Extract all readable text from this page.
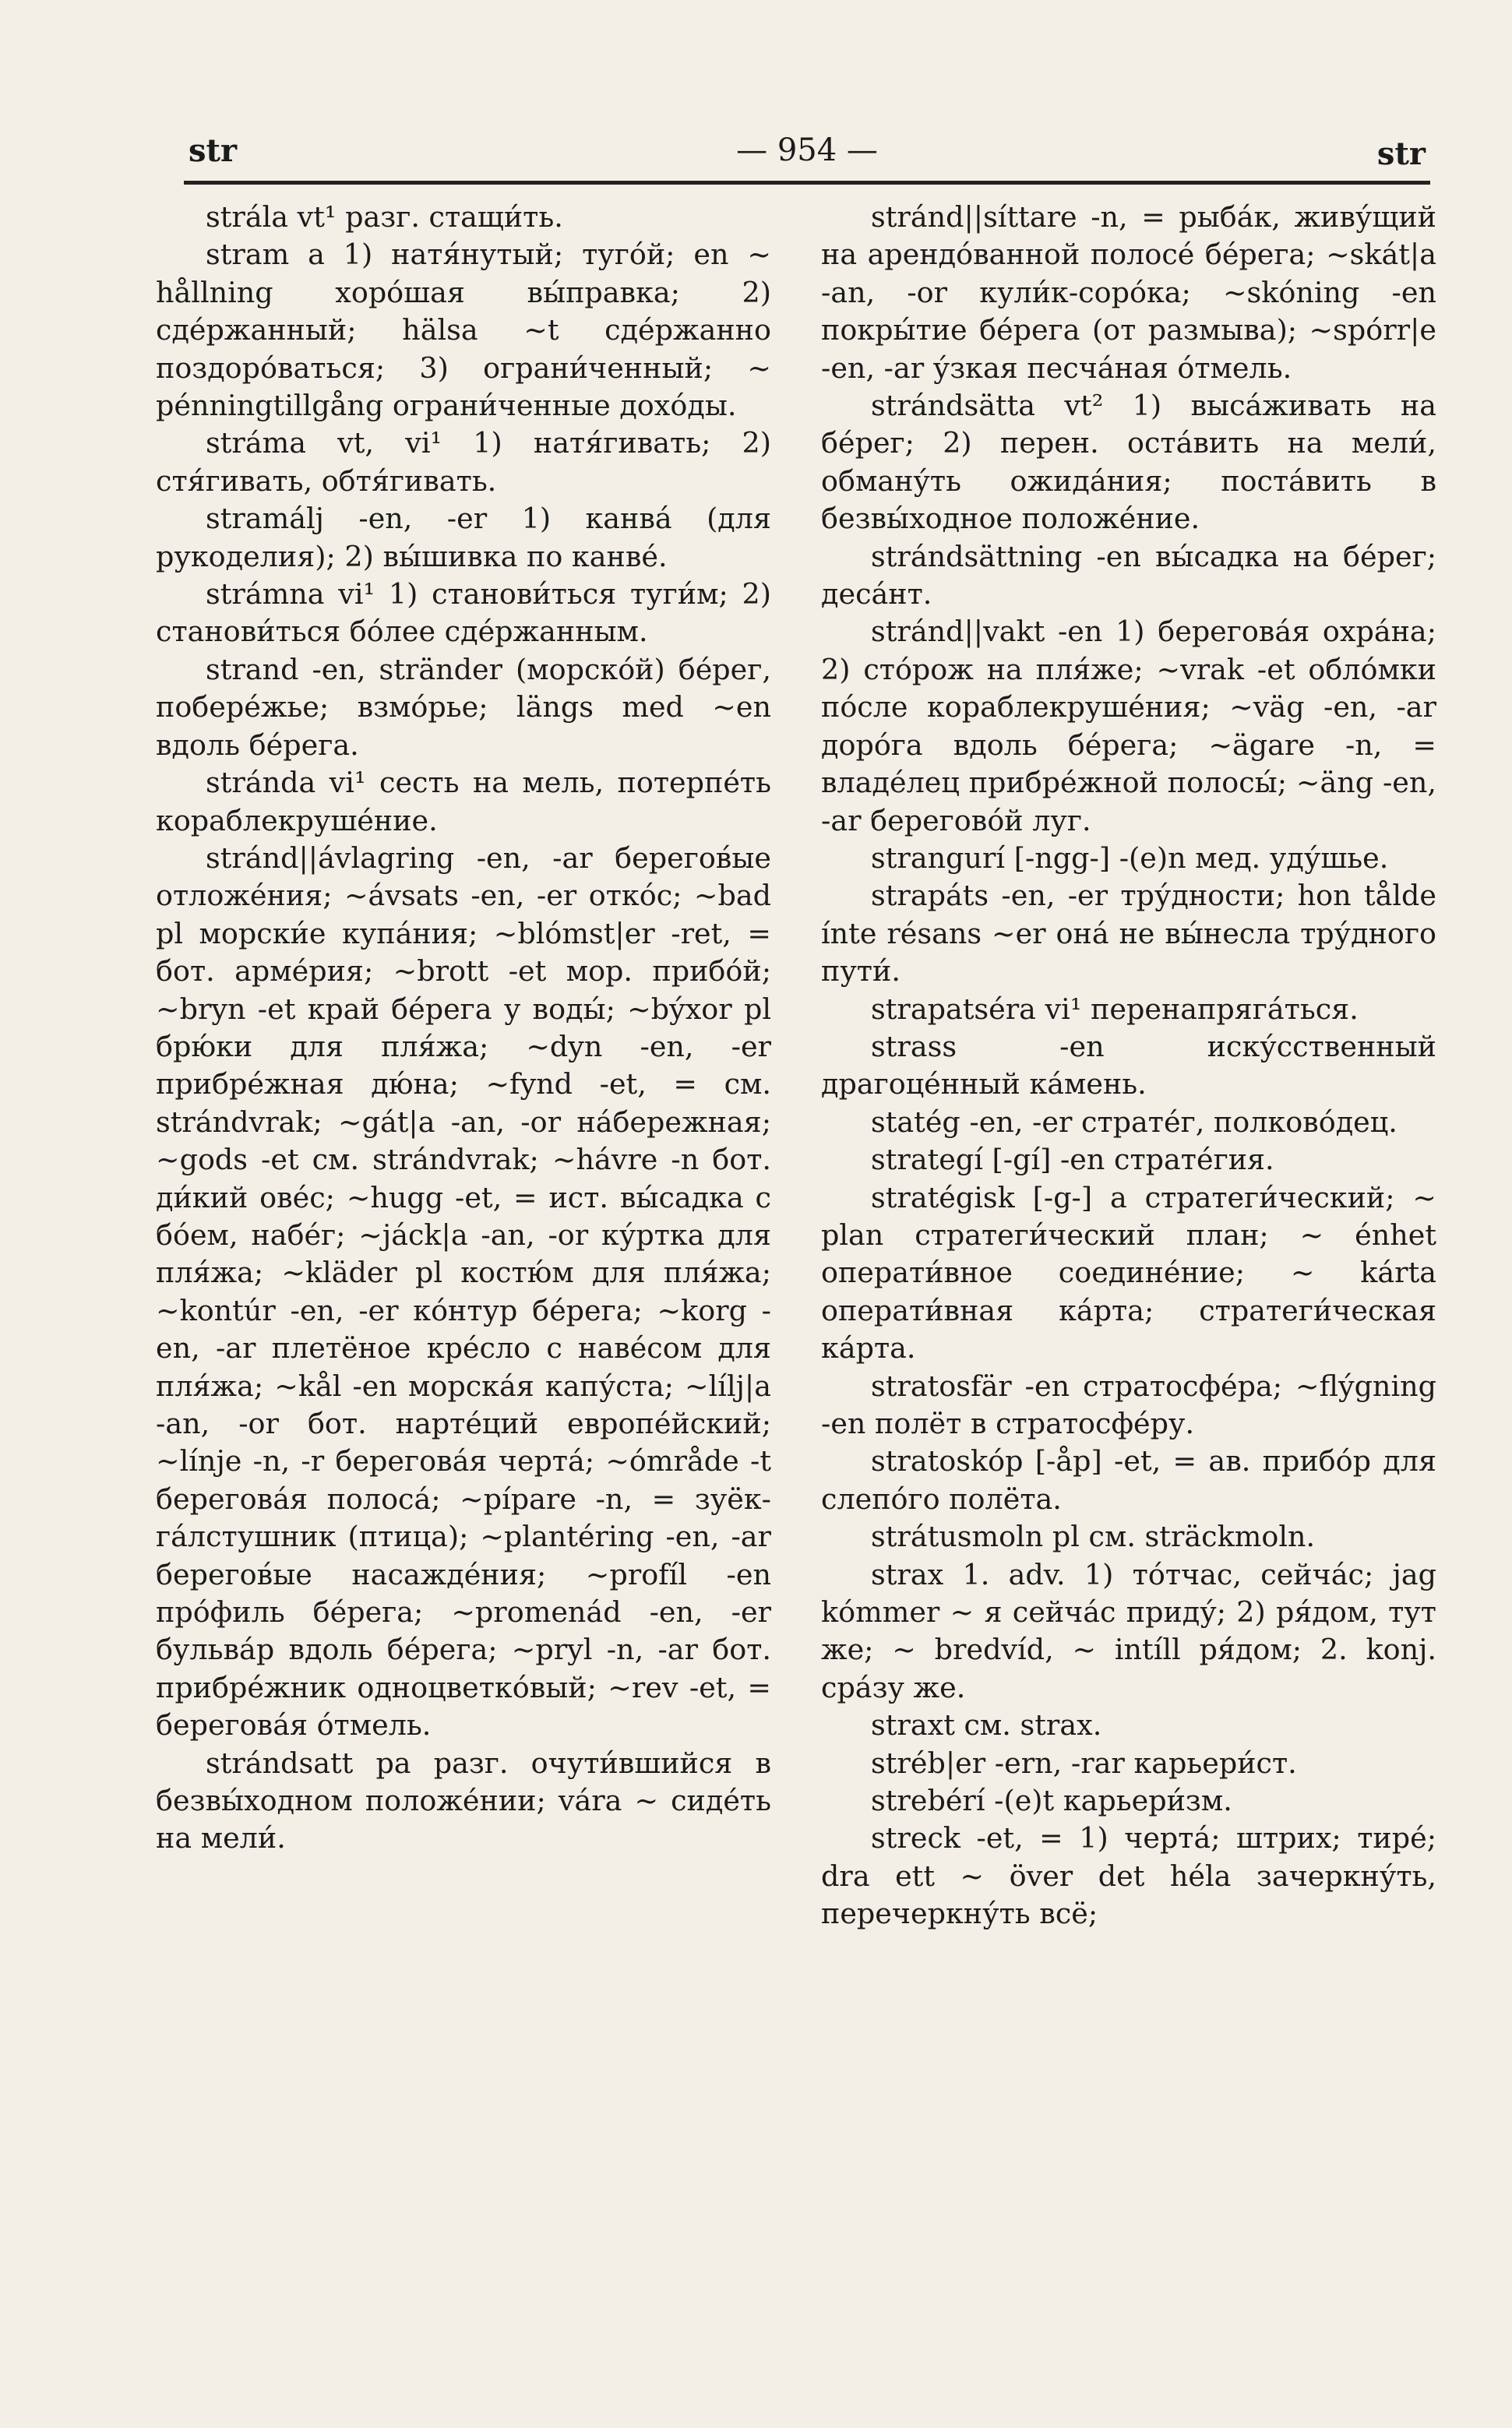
str	— 954 —	str

strála vt¹ разг. стащи́ть.

stram a 1) натя́нутый; туго́й; en ~ hållning хоро́шая вы́правка; 2) сде́ржанный; hälsa ~t сде́ржанно поздоро́ваться; 3) ограни́ченный; ~ pénningtillgång ограни́ченные дохо́ды.

stráma vt, vi¹ 1) натя́гивать; 2) стя́гивать, обтя́гивать.

stramálj -en, -er 1) канва́ (для рукоделия); 2) вы́шивка по канве́.

strámna vi¹ 1) станови́ться туги́м; 2) станови́ться бо́лее сде́ржанным.

strand -en, stränder (морско́й) бе́рег, побере́жье; взмо́рье; längs med ~en вдоль бе́рега.

stránda vi¹ сесть на мель, потерпе́ть кораблекруше́ние.

stránd||ávlagring -en, -ar берегов́ые отложе́ния; ~ávsats -en, -er отко́с; ~bad pl морски́е купа́ния; ~blómst|er -ret, = бот. арме́рия; ~brott -et мор. прибо́й; ~bryn -et край бе́рега у воды́; ~býxor pl брю́ки для пля́жа; ~dyn -en, -er прибре́жная дю́на; ~fynd -et, = см. strándvrak; ~gát|a -an, -or на́бережная; ~gods -et см. strándvrak; ~hávre -n бот. ди́кий ове́с; ~hugg -et, = ист. вы́садка с бо́ем, набе́г; ~jáck|a -an, -or ку́ртка для пля́жа; ~kläder pl костю́м для пля́жа; ~kontúr -en, -er ко́нтур бе́рега; ~korg -en, -ar плетёное кре́сло с наве́сом для пля́жа; ~kål -en морска́я капу́ста; ~lílj|a -an, -or бот. нарте́ций европе́йский; ~línje -n, -r берегова́я черта́; ~ómråde -t берегова́я полоса́; ~pípare -n, = зуёк-га́лстушник (птица); ~plantéring -en, -ar берегов́ые насажде́ния; ~profíl -en про́филь бе́рега; ~promenád -en, -er бульва́р вдоль бе́рега; ~pryl -n, -ar бот. прибре́жник одноцветко́вый; ~rev -et, = берегова́я о́тмель.

strándsatt pa разг. очути́вшийся в безвы́ходном положе́нии; vára ~ сиде́ть на мели́.

stránd||síttare -n, = рыба́к, живу́щий на арендо́ванной полосе́ бе́рега; ~skát|a -an, -or кули́к-соро́ка; ~skóning -en покры́тие бе́рега (от размыва); ~spórr|e -en, -ar у́зкая песча́ная о́тмель.

strándsätta vt² 1) выса́живать на бе́рег; 2) перен. оста́вить на мели́, обману́ть ожида́ния; поста́вить в безвы́ходное положе́ние.

strándsättning -en вы́садка на бе́рег; деса́нт.

stránd||vakt -en 1) берегова́я охра́на; 2) сто́рож на пля́же; ~vrak -et обло́мки по́сле кораблекруше́ния; ~väg -en, -ar доро́га вдоль бе́рега; ~ägare -n, = владе́лец прибре́жной полосы́; ~äng -en, -ar берегово́й луг.

strangurí [-ngg-] -(e)n мед. уду́шье.

strapáts -en, -er тру́дности; hon tålde ínte résans ~er она́ не вы́несла тру́дного пути́.

strapatséra vi¹ перенапряга́ться.

strass -en иску́сственный драгоце́нный ка́мень.

statég -en, -er страте́г, полково́дец.

strategí [-gí] -en страте́гия.

stratégisk [-g-] a стратеги́ческий; ~ plan стратеги́ческий план; ~ énhet операти́вное соедине́ние; ~ kárta операти́вная ка́рта; стратеги́ческая ка́рта.

stratosfär -en стратосфе́ра; ~flýgning -en полёт в стратосфе́ру.

stratoskóp [-åp] -et, = ав. прибо́р для слепо́го полёта.

strátusmoln pl см. sträckmoln.

strax 1. adv. 1) то́тчас, сейча́с; jag kómmer ~ я сейча́с приду́; 2) ря́дом, тут же; ~ bredvíd, ~ intíll ря́дом; 2. konj. сра́зу же.

straxt см. strax.

stréb|er -ern, -rar карьери́ст.

strebérí -(e)t карьери́зм.

streck -et, = 1) черта́; штрих; тире́; dra ett ~ över det héla зачеркну́ть, перечеркну́ть всё;
